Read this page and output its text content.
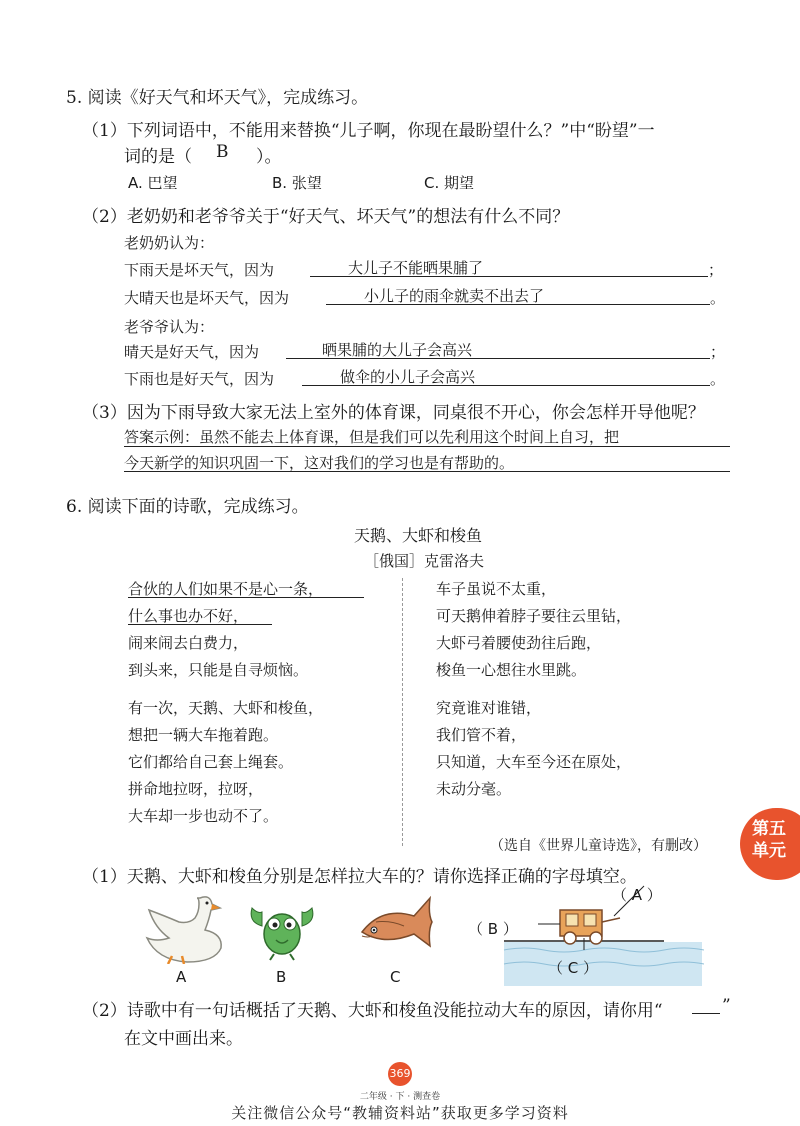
5. 阅读《好天气和坏天气》，完成练习。
（1）下列词语中，不能用来替换“儿子啊，你现在最盼望什么？”中“盼望”一
词的是（ B ）。
A. 巴望	B. 张望	C. 期望
（2）老奶奶和老爷爷关于“好天气、坏天气”的想法有什么不同？
老奶奶认为：
下雨天是坏天气，因为	大儿子不能晒果脯了	；
大晴天也是坏天气，因为	小儿子的雨伞就卖不出去了	。
老爷爷认为：
晴天是好天气，因为	晒果脯的大儿子会高兴	；
下雨也是好天气，因为	做伞的小儿子会高兴	。
（3）因为下雨导致大家无法上室外的体育课，同桌很不开心，你会怎样开导他呢？
答案示例：虽然不能去上体育课，但是我们可以先利用这个时间上自习，把
今天新学的知识巩固一下，这对我们的学习也是有帮助的。
6. 阅读下面的诗歌，完成练习。
天鹅、大虾和梭鱼
［俄国］克雷洛夫
合伙的人们如果不是心一条，
什么事也办不好，
闹来闹去白费力，
到头来，只能是自寻烦恼。
有一次，天鹅、大虾和梭鱼，
想把一辆大车拖着跑。
它们都给自己套上绳套。
拼命地拉呀，拉呀，
大车却一步也动不了。
车子虽说不太重，
可天鹅伸着脖子要往云里钻，
大虾弓着腰使劲往后跑，
梭鱼一心想往水里跳。
究竟谁对谁错，
我们管不着，
只知道，大车至今还在原处，
未动分毫。
（选自《世界儿童诗选》，有删改）
第五
单元
（1）天鹅、大虾和梭鱼分别是怎样拉大车的？请你选择正确的字母填空。
A	B	C
（ A ）
（ B ）
（ C ）
（2）诗歌中有一句话概括了天鹅、大虾和梭鱼没能拉动大车的原因，请你用“	”
在文中画出来。
369
二年级 · 下 · 测查卷
关注微信公众号“教辅资料站”获取更多学习资料
